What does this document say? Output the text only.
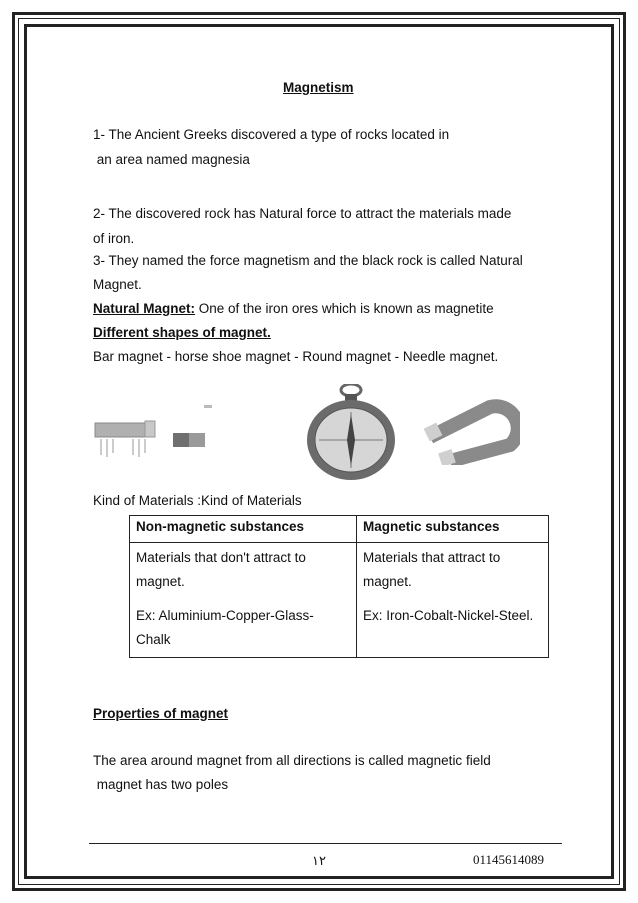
Magnetism
1- The Ancient Greeks discovered a type of rocks located in
an area named magnesia
2- The discovered rock has Natural force to attract the materials made
of iron.
3- They named the force magnetism and the black rock is called Natural
Magnet.
Natural Magnet: One of the iron ores which is known as magnetite
Different shapes of magnet.
Bar magnet - horse shoe magnet - Round magnet - Needle magnet.
Kind of Materials :Kind of Materials
Non-magnetic substances	Magnetic substances
Materials that don't attract to
magnet.

Ex: Aluminium-Copper-Glass-
Chalk	Materials that attract to
magnet.

Ex: Iron-Cobalt-Nickel-Steel.
Properties of magnet
The area around magnet from all directions is called magnetic field
magnet has two poles
١٢	01145614089
